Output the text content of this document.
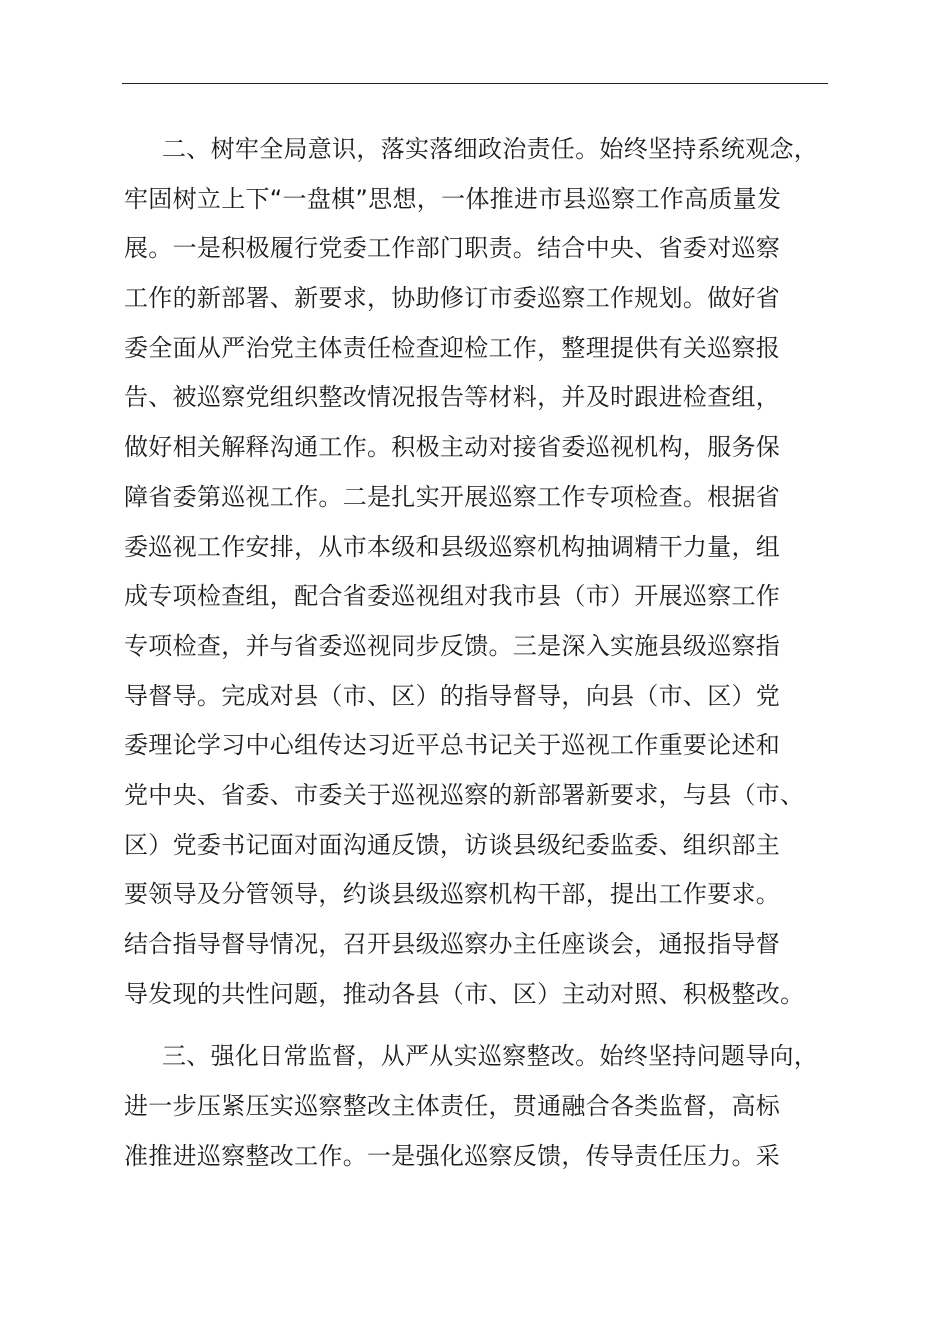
二、树牢全局意识，落实落细政治责任。始终坚持系统观念，
牢固树立上下“一盘棋”思想，一体推进市县巡察工作高质量发
展。一是积极履行党委工作部门职责。结合中央、省委对巡察
工作的新部署、新要求，协助修订市委巡察工作规划。做好省
委全面从严治党主体责任检查迎检工作，整理提供有关巡察报
告、被巡察党组织整改情况报告等材料，并及时跟进检查组，
做好相关解释沟通工作。积极主动对接省委巡视机构，服务保
障省委第巡视工作。二是扎实开展巡察工作专项检查。根据省
委巡视工作安排，从市本级和县级巡察机构抽调精干力量，组
成专项检查组，配合省委巡视组对我市县（市）开展巡察工作
专项检查，并与省委巡视同步反馈。三是深入实施县级巡察指
导督导。完成对县（市、区）的指导督导，向县（市、区）党
委理论学习中心组传达习近平总书记关于巡视工作重要论述和
党中央、省委、市委关于巡视巡察的新部署新要求，与县（市、
区）党委书记面对面沟通反馈，访谈县级纪委监委、组织部主
要领导及分管领导，约谈县级巡察机构干部，提出工作要求。
结合指导督导情况，召开县级巡察办主任座谈会，通报指导督
导发现的共性问题，推动各县（市、区）主动对照、积极整改。

三、强化日常监督，从严从实巡察整改。始终坚持问题导向，
进一步压紧压实巡察整改主体责任，贯通融合各类监督，高标
准推进巡察整改工作。一是强化巡察反馈，传导责任压力。采
